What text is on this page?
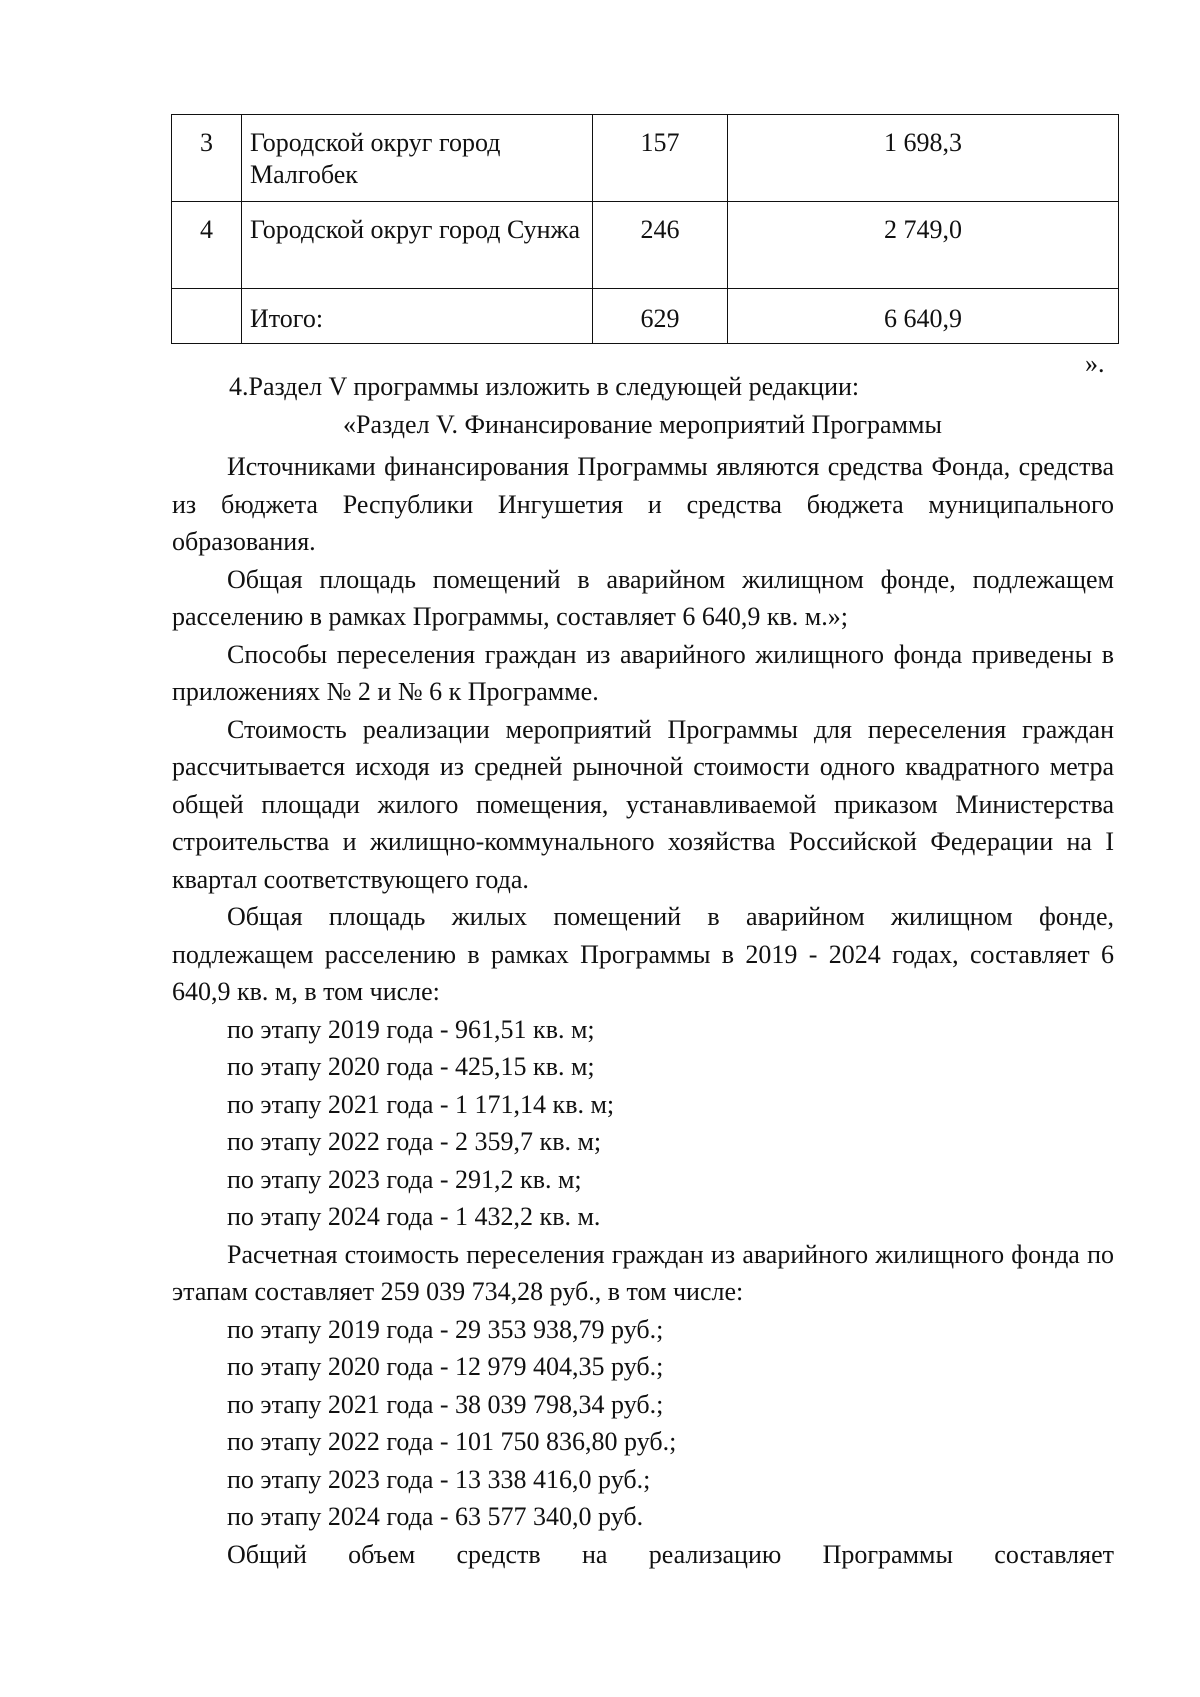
3	Городской округ город Малгобек	157	1 698,3
4	Городской округ город Сунжа	246	2 749,0
	Итого:	629	6 640,9
».
4.Раздел V программы изложить в следующей редакции:
«Раздел V. Финансирование мероприятий Программы

Источниками финансирования Программы являются средства Фонда, средства из бюджета Республики Ингушетия и средства бюджета муниципального образования.

Общая площадь помещений в аварийном жилищном фонде, подлежащем расселению в рамках Программы, составляет 6 640,9 кв. м.»;

Способы переселения граждан из аварийного жилищного фонда приведены в приложениях № 2 и № 6 к Программе.

Стоимость реализации мероприятий Программы для переселения граждан рассчитывается исходя из средней рыночной стоимости одного квадратного метра общей площади жилого помещения, устанавливаемой приказом Министерства строительства и жилищно-коммунального хозяйства Российской Федерации на I квартал соответствующего года.

Общая площадь жилых помещений в аварийном жилищном фонде, подлежащем расселению в рамках Программы в 2019 - 2024 годах, составляет 6 640,9 кв. м, в том числе:

по этапу 2019 года - 961,51 кв. м;

по этапу 2020 года - 425,15 кв. м;

по этапу 2021 года - 1 171,14 кв. м;

по этапу 2022 года - 2 359,7 кв. м;

по этапу 2023 года - 291,2 кв. м;

по этапу 2024 года - 1 432,2 кв. м.

Расчетная стоимость переселения граждан из аварийного жилищного фонда по этапам составляет 259 039 734,28 руб., в том числе:

по этапу 2019 года - 29 353 938,79 руб.;

по этапу 2020 года - 12 979 404,35 руб.;

по этапу 2021 года - 38 039 798,34 руб.;

по этапу 2022 года - 101 750 836,80 руб.;

по этапу 2023 года - 13 338 416,0 руб.;

по этапу 2024 года - 63 577 340,0 руб.

Общий объем средств на реализацию Программы составляет
